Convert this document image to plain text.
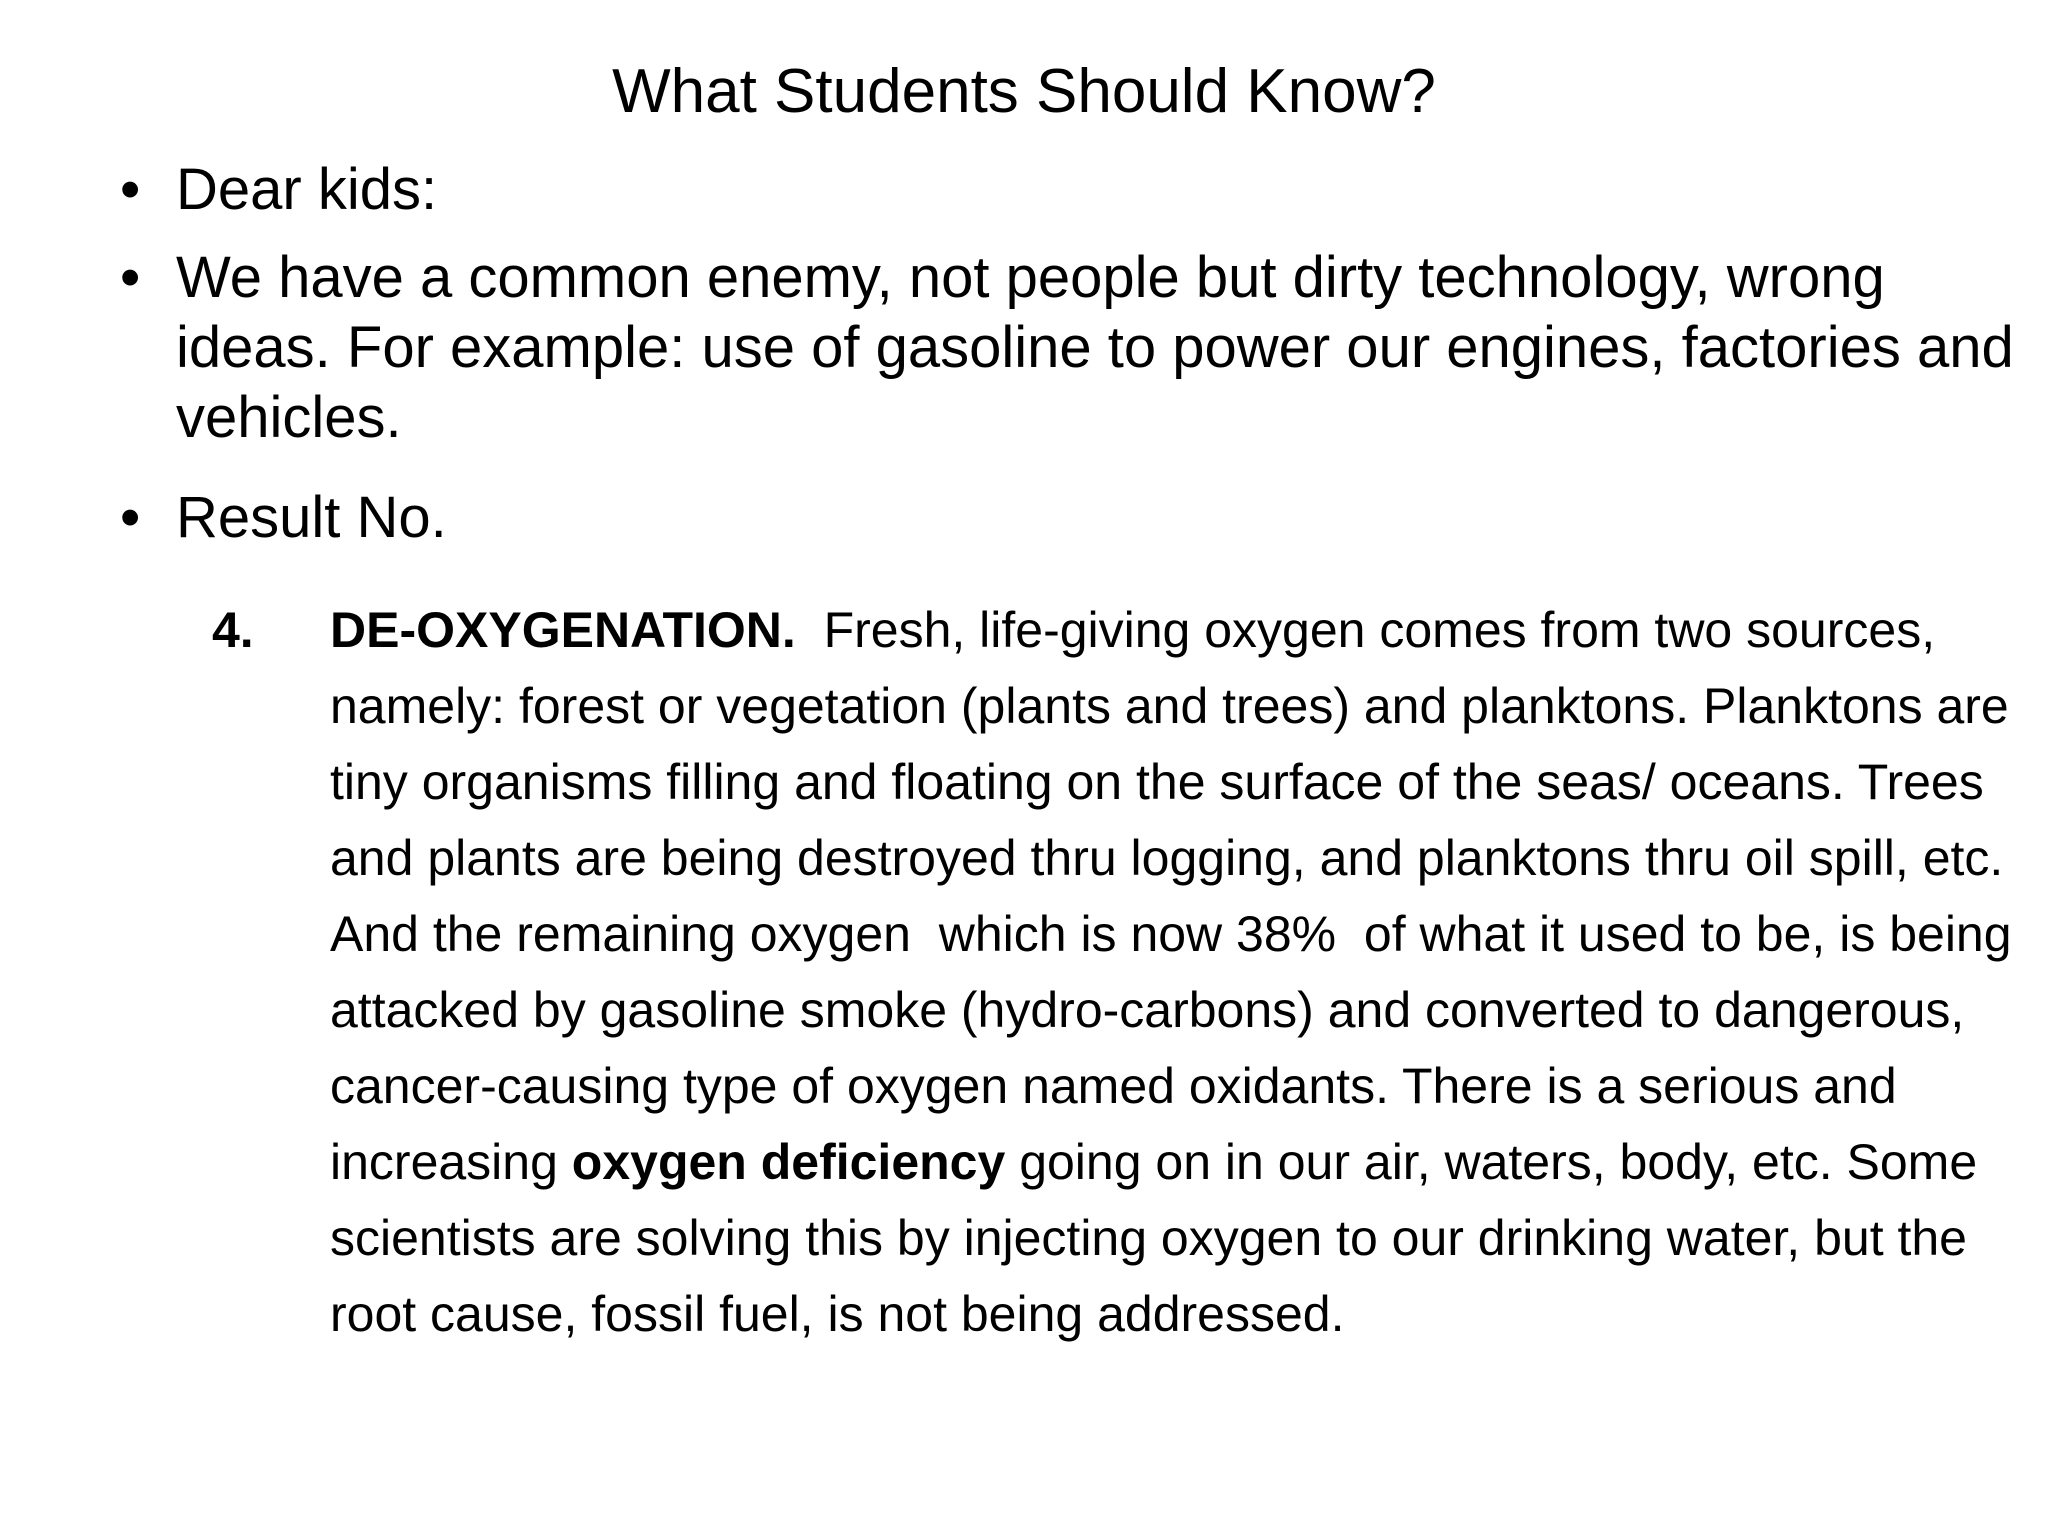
What Students Should Know?
• Dear kids:
• We have a common enemy, not people but dirty technology, wrong ideas. For example: use of gasoline to power our engines, factories and vehicles.
• Result No.
4.	DE-OXYGENATION.  Fresh, life-giving oxygen comes from two sources, namely: forest or vegetation (plants and trees) and planktons. Planktons are tiny organisms filling and floating on the surface of the seas/ oceans. Trees and plants are being destroyed thru logging, and planktons thru oil spill, etc. And the remaining oxygen  which is now 38%  of what it used to be, is being attacked by gasoline smoke (hydro-carbons) and converted to dangerous, cancer-causing type of oxygen named oxidants. There is a serious and increasing oxygen deficiency going on in our air, waters, body, etc. Some scientists are solving this by injecting oxygen to our drinking water, but the root cause, fossil fuel, is not being addressed.
